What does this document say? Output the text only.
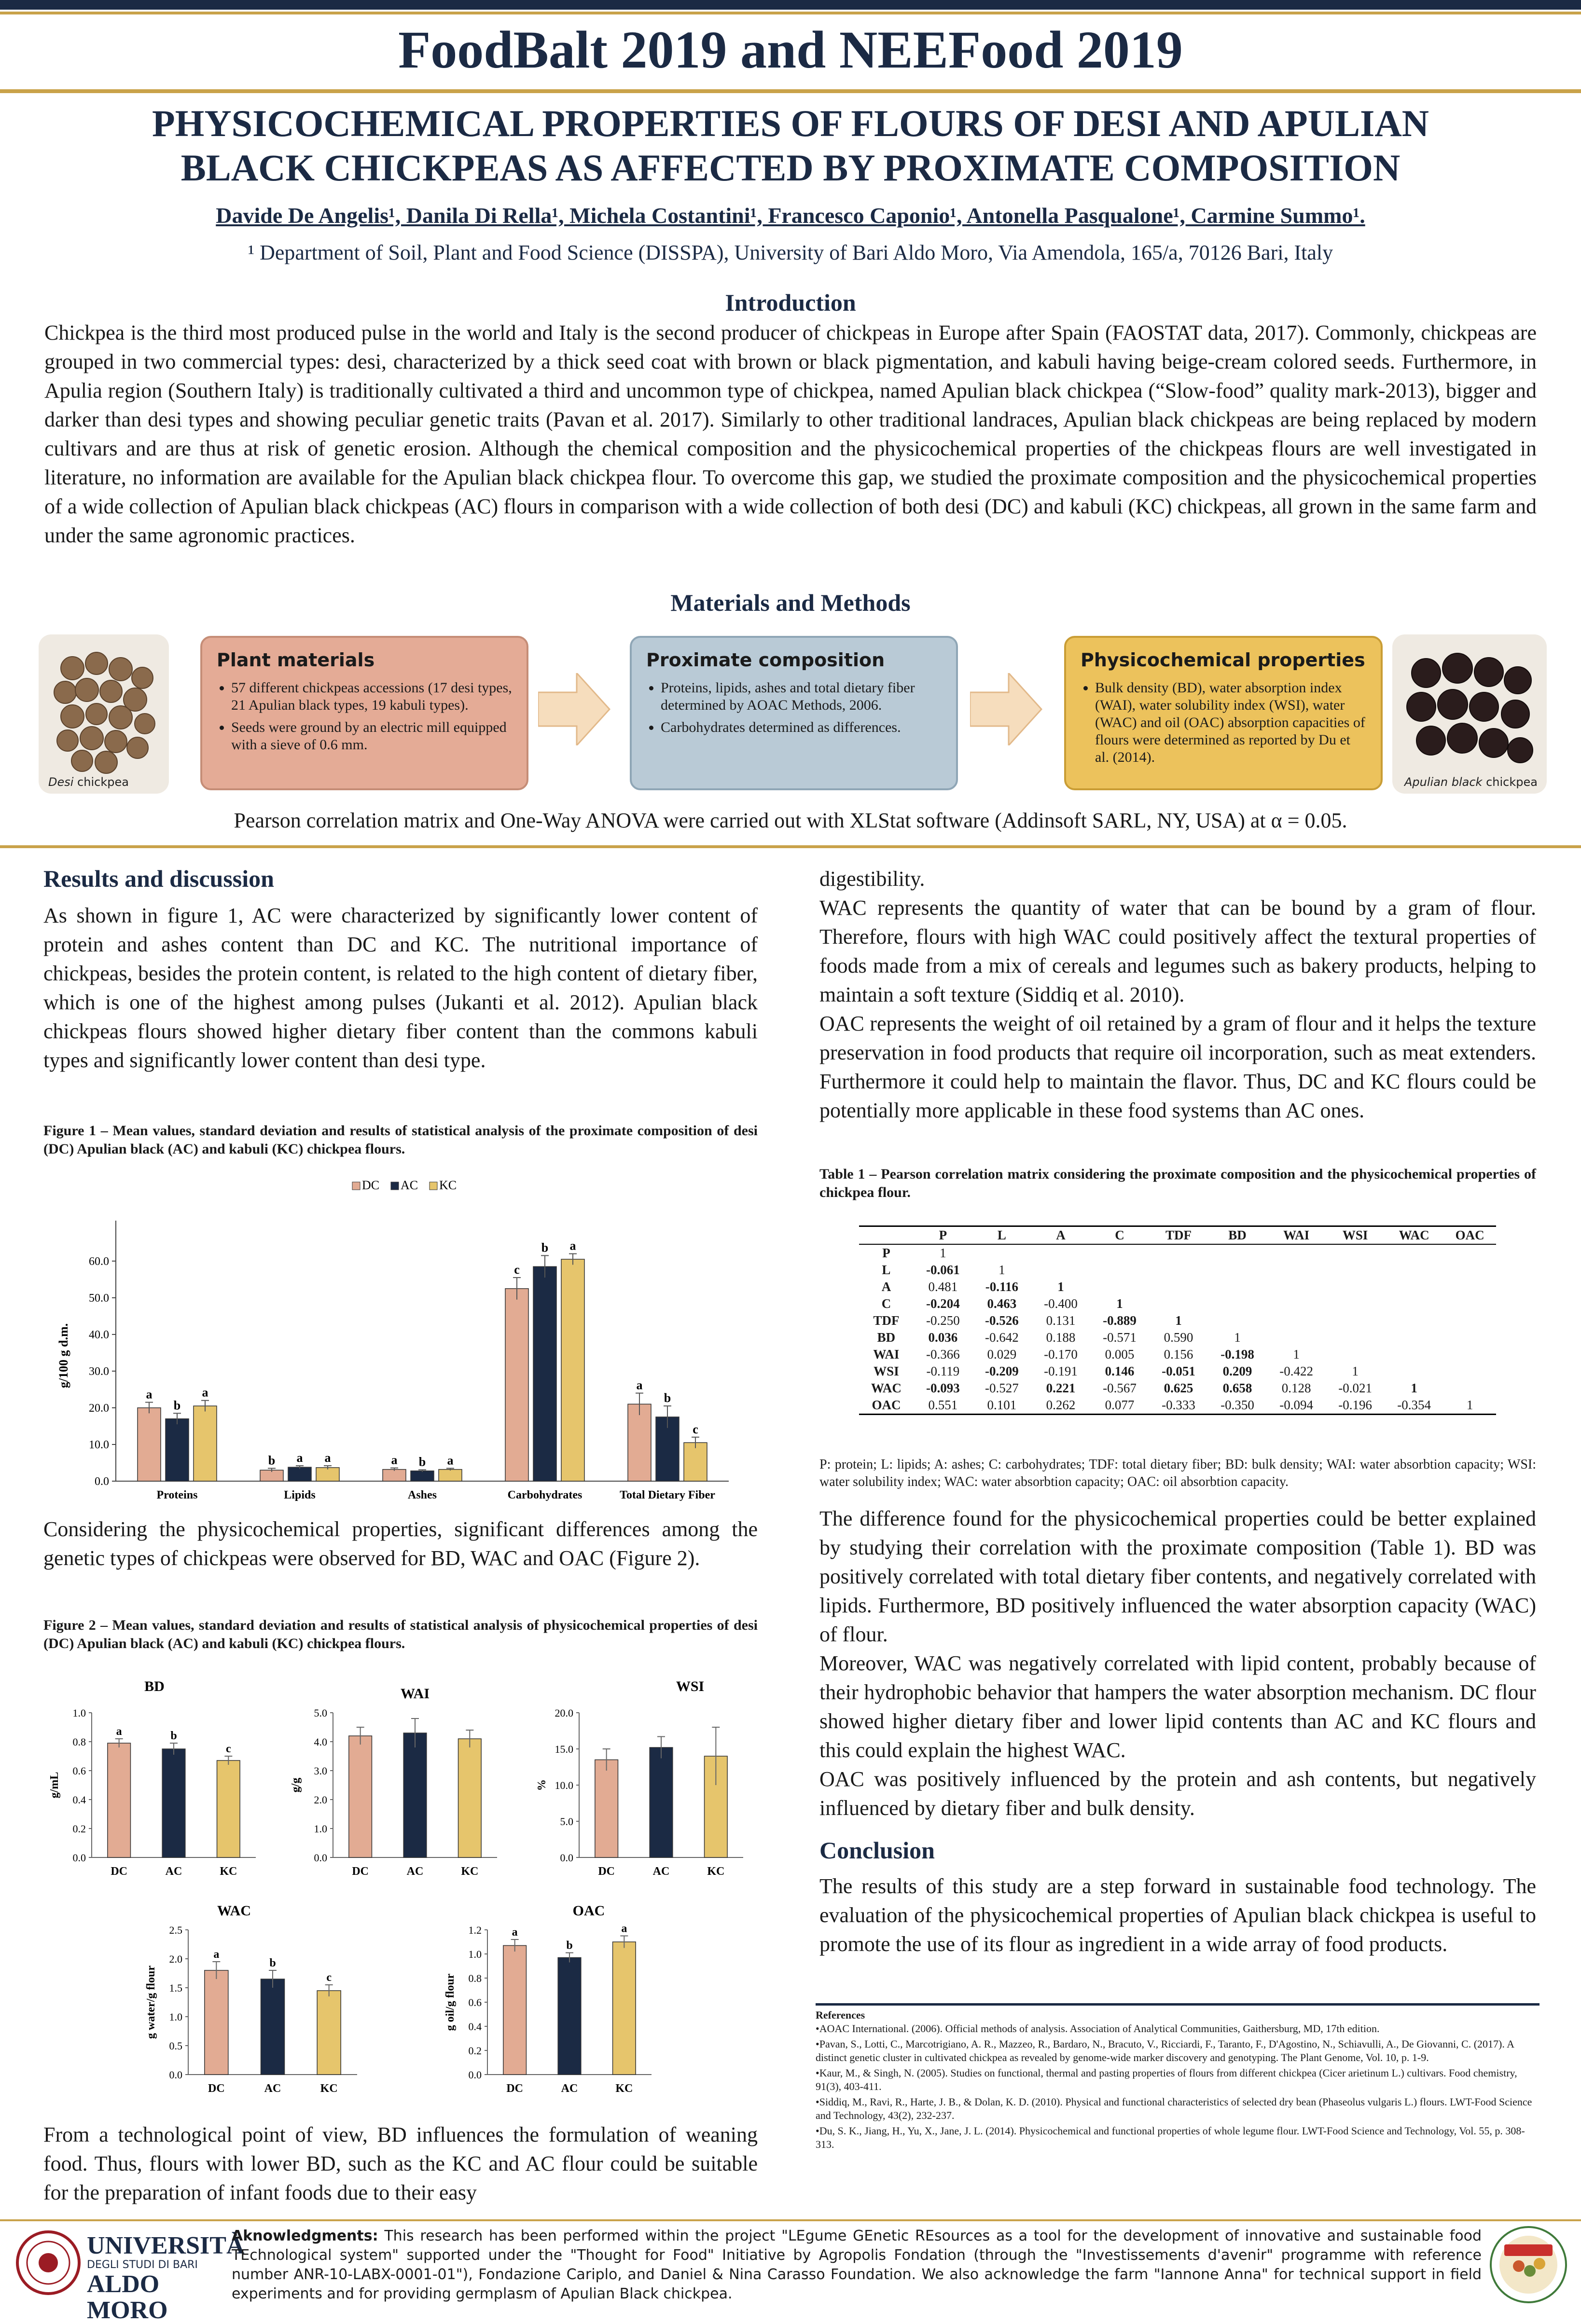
FoodBalt 2019 and NEEFood 2019
PHYSICOCHEMICAL PROPERTIES OF FLOURS OF DESI AND APULIAN
BLACK CHICKPEAS AS AFFECTED BY PROXIMATE COMPOSITION
Davide De Angelis¹, Danila Di Rella¹, Michela Costantini¹, Francesco Caponio¹, Antonella Pasqualone¹, Carmine Summo¹.
¹ Department of Soil, Plant and Food Science (DISSPA), University of Bari Aldo Moro, Via Amendola, 165/a, 70126 Bari, Italy
Introduction
Chickpea is the third most produced pulse in the world and Italy is the second producer of chickpeas in Europe after Spain (FAOSTAT data, 2017). Commonly, chickpeas are grouped in two commercial types: desi, characterized by a thick seed coat with brown or black pigmentation, and kabuli having beige-cream colored seeds. Furthermore, in Apulia region (Southern Italy) is traditionally cultivated a third and uncommon type of chickpea, named Apulian black chickpea (“Slow-food” quality mark-2013), bigger and darker than desi types and showing peculiar genetic traits (Pavan et al. 2017). Similarly to other traditional landraces, Apulian black chickpeas are being replaced by modern cultivars and are thus at risk of genetic erosion. Although the chemical composition and the physicochemical properties of the chickpeas flours are well investigated in literature, no information are available for the Apulian black chickpea flour. To overcome this gap, we studied the proximate composition and the physicochemical properties of a wide collection of Apulian black chickpeas (AC) flours in comparison with a wide collection of both desi (DC) and kabuli (KC) chickpeas, all grown in the same farm and under the same agronomic practices.
Materials and Methods
Desi chickpea
Plant materials
• 57 different chickpeas accessions (17 desi types, 21 Apulian black types, 19 kabuli types).
• Seeds were ground by an electric mill equipped with a sieve of 0.6 mm.
Proximate composition
• Proteins, lipids, ashes and total dietary fiber determined by AOAC Methods, 2006.
• Carbohydrates determined as differences.
Physicochemical properties
• Bulk density (BD), water absorption index (WAI), water solubility index (WSI), water (WAC) and oil (OAC) absorption capacities of flours were determined as reported by Du et al. (2014).
Apulian black chickpea
Pearson correlation matrix and One-Way ANOVA were carried out with XLStat software (Addinsoft SARL, NY, USA) at α = 0.05.
Results and discussion
As shown in figure 1, AC were characterized by significantly lower content of protein and ashes content than DC and KC. The nutritional importance of chickpeas, besides the protein content, is related to the high content of dietary fiber, which is one of the highest among pulses (Jukanti et al. 2012). Apulian black chickpeas flours showed higher dietary fiber content than the commons kabuli types and significantly lower content than desi type.
Figure 1 – Mean values, standard deviation and results of statistical analysis of the proximate composition of desi (DC) Apulian black (AC) and kabuli (KC) chickpea flours.
DC AC KC
0.0
10.0
20.0
30.0
40.0
50.0
60.0
g/100 g d.m.
a
b
a
Proteins
b a a
Lipids
a b a
Ashes
c
b a
Carbohydrates
a
b
c
Total Dietary Fiber
Considering the physicochemical properties, significant differences among the genetic types of chickpeas were observed for BD, WAC and OAC (Figure 2).
Figure 2 – Mean values, standard deviation and results of statistical analysis of physicochemical properties of desi (DC) Apulian black (AC) and kabuli (KC) chickpea flours.
BD
0.0
0.2
0.4
0.6
0.8
1.0
g/mL
a
DC
b
AC
c
KC
WAI
0.0
1.0
2.0
3.0
4.0
5.0
g/g
DC	AC	KC
WSI
0.0
5.0
10.0
15.0
20.0
%
DC	AC	KC
WAC
0.0
0.5
1.0
1.5
2.0
2.5
g water/g flour
a
DC
b
AC
c
KC
OAC
0.0
0.2
0.4
0.6
0.8
1.0
1.2
g oil/g flour
a
DC
b
AC
a
KC
From a technological point of view, BD influences the formulation of weaning food. Thus, flours with lower BD, such as the KC and AC flour could be suitable for the preparation of infant foods due to their easy
digestibility.
WAC represents the quantity of water that can be bound by a gram of flour. Therefore, flours with high WAC could positively affect the textural properties of foods made from a mix of cereals and legumes such as bakery products, helping to maintain a soft texture (Siddiq et al. 2010).
OAC represents the weight of oil retained by a gram of flour and it helps the texture preservation in food products that require oil incorporation, such as meat extenders. Furthermore it could help to maintain the flavor. Thus, DC and KC flours could be potentially more applicable in these food systems than AC ones.
Table 1 – Pearson correlation matrix considering the proximate composition and the physicochemical properties of chickpea flour.
	P	L	A	C	TDF	BD	WAI	WSI	WAC	OAC
P	1									
L	-0.061	1								
A	0.481	-0.116	1							
C	-0.204	0.463	-0.400	1						
TDF	-0.250	-0.526	0.131	-0.889	1					
BD	0.036	-0.642	0.188	-0.571	0.590	1				
WAI	-0.366	0.029	-0.170	0.005	0.156	-0.198	1			
WSI	-0.119	-0.209	-0.191	0.146	-0.051	0.209	-0.422	1		
WAC	-0.093	-0.527	0.221	-0.567	0.625	0.658	0.128	-0.021	1	
OAC	0.551	0.101	0.262	0.077	-0.333	-0.350	-0.094	-0.196	-0.354	1
P: protein; L: lipids; A: ashes; C: carbohydrates; TDF: total dietary fiber; BD: bulk density; WAI: water absorbtion capacity; WSI: water solubility index; WAC: water absorbtion capacity; OAC: oil absorbtion capacity.
The difference found for the physicochemical properties could be better explained by studying their correlation with the proximate composition (Table 1). BD was positively correlated with total dietary fiber contents, and negatively correlated with lipids. Furthermore, BD positively influenced the water absorption capacity (WAC) of flour.
Moreover, WAC was negatively correlated with lipid content, probably because of their hydrophobic behavior that hampers the water absorption mechanism. DC flour showed higher dietary fiber and lower lipid contents than AC and KC flours and this could explain the highest WAC.
OAC was positively influenced by the protein and ash contents, but negatively influenced by dietary fiber and bulk density.
Conclusion
The results of this study are a step forward in sustainable food technology. The evaluation of the physicochemical properties of Apulian black chickpea is useful to promote the use of its flour as ingredient in a wide array of food products.
References

•AOAC International. (2006). Official methods of analysis. Association of Analytical Communities, Gaithersburg, MD, 17th edition.

•Pavan, S., Lotti, C., Marcotrigiano, A. R., Mazzeo, R., Bardaro, N., Bracuto, V., Ricciardi, F., Taranto, F., D'Agostino, N., Schiavulli, A., De Giovanni, C. (2017). A distinct genetic cluster in cultivated chickpea as revealed by genome-wide marker discovery and genotyping. The Plant Genome, Vol. 10, p. 1-9.

•Kaur, M., & Singh, N. (2005). Studies on functional, thermal and pasting properties of flours from different chickpea (Cicer arietinum L.) cultivars. Food chemistry, 91(3), 403-411.

•Siddiq, M., Ravi, R., Harte, J. B., & Dolan, K. D. (2010). Physical and functional characteristics of selected dry bean (Phaseolus vulgaris L.) flours. LWT-Food Science and Technology, 43(2), 232-237.

•Du, S. K., Jiang, H., Yu, X., Jane, J. L. (2014). Physicochemical and functional properties of whole legume flour. LWT-Food Science and Technology, Vol. 55, p. 308-313.

UNIVERSITÀ
DEGLI STUDI DI BARI
ALDO MORO
Aknowledgments: This research has been performed within the project "LEgume GEnetic REsources as a tool for the development of innovative and sustainable food TEchnological system" supported under the "Thought for Food" Initiative by Agropolis Fondation (through the "Investissements d'avenir" programme with reference number ANR-10-LABX-0001-01"), Fondazione Cariplo, and Daniel & Nina Carasso Foundation. We also acknowledge the farm "Iannone Anna" for technical support in field experiments and for providing germplasm of Apulian Black chickpea.
